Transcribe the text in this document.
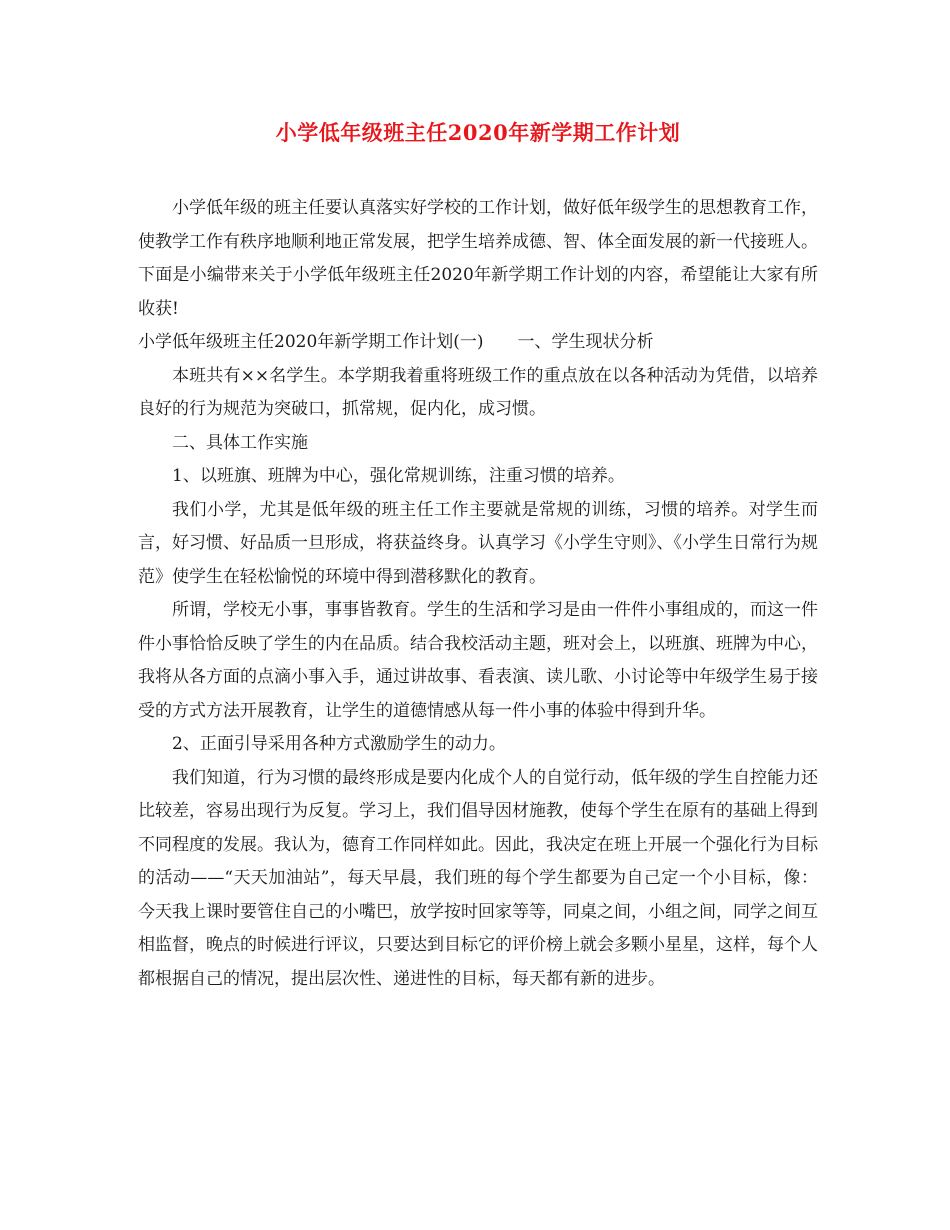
小学低年级班主任2020年新学期工作计划

小学低年级的班主任要认真落实好学校的工作计划，做好低年级学生的思想教育工作，使教学工作有秩序地顺利地正常发展，把学生培养成德、智、体全面发展的新一代接班人。下面是小编带来关于小学低年级班主任2020年新学期工作计划的内容，希望能让大家有所收获!

小学低年级班主任2020年新学期工作计划(一)　　一、学生现状分析

本班共有××名学生。本学期我着重将班级工作的重点放在以各种活动为凭借，以培养良好的行为规范为突破口，抓常规，促内化，成习惯。

二、具体工作实施

1、以班旗、班牌为中心，强化常规训练，注重习惯的培养。

我们小学，尤其是低年级的班主任工作主要就是常规的训练，习惯的培养。对学生而言，好习惯、好品质一旦形成，将获益终身。认真学习《小学生守则》、《小学生日常行为规范》使学生在轻松愉悦的环境中得到潜移默化的教育。

所谓，学校无小事，事事皆教育。学生的生活和学习是由一件件小事组成的，而这一件件小事恰恰反映了学生的内在品质。结合我校活动主题，班对会上，以班旗、班牌为中心，我将从各方面的点滴小事入手，通过讲故事、看表演、读儿歌、小讨论等中年级学生易于接受的方式方法开展教育，让学生的道德情感从每一件小事的体验中得到升华。

2、正面引导采用各种方式激励学生的动力。

我们知道，行为习惯的最终形成是要内化成个人的自觉行动，低年级的学生自控能力还比较差，容易出现行为反复。学习上，我们倡导因材施教，使每个学生在原有的基础上得到不同程度的发展。我认为，德育工作同样如此。因此，我决定在班上开展一个强化行为目标的活动——“天天加油站”，每天早晨，我们班的每个学生都要为自己定一个小目标，像：今天我上课时要管住自己的小嘴巴，放学按时回家等等，同桌之间，小组之间，同学之间互相监督，晚点的时候进行评议，只要达到目标它的评价榜上就会多颗小星星，这样，每个人都根据自己的情况，提出层次性、递进性的目标，每天都有新的进步。
